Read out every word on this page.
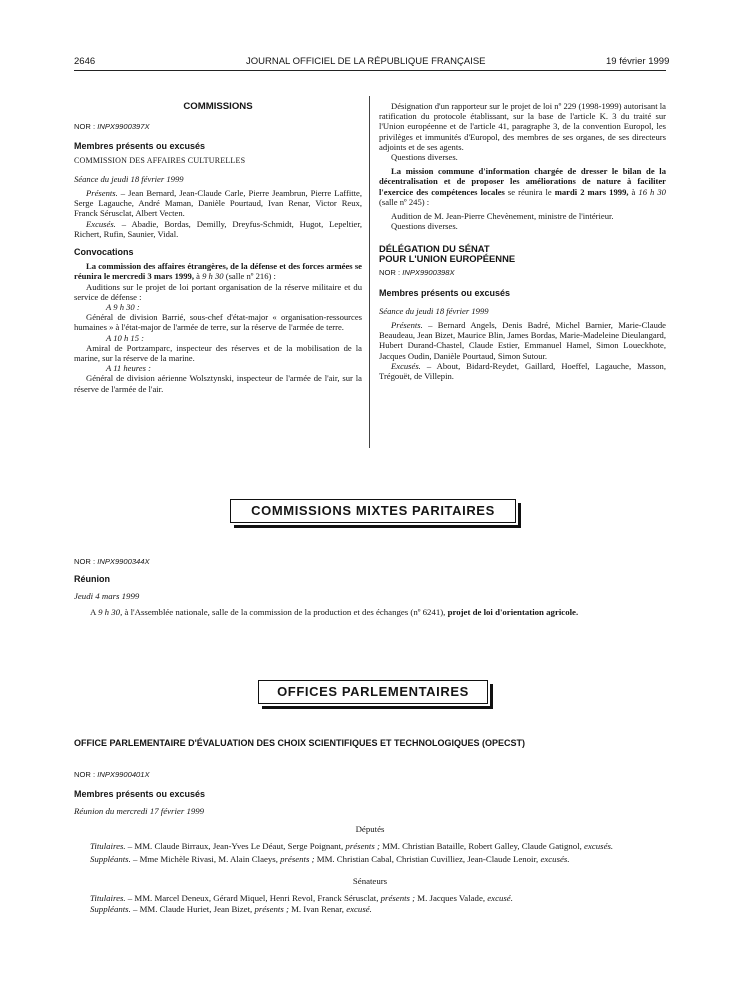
2646	JOURNAL OFFICIEL DE LA RÉPUBLIQUE FRANÇAISE	19 février 1999

COMMISSIONS

NOR : INPX9900397X

Membres présents ou excusés

COMMISSION DES AFFAIRES CULTURELLES

Séance du jeudi 18 février 1999

Présents. – Jean Bernard, Jean-Claude Carle, Pierre Jeambrun, Pierre Laffitte, Serge Lagauche, André Maman, Danièle Pourtaud, Ivan Renar, Victor Reux, Franck Sérusclat, Albert Vecten.

Excusés. – Abadie, Bordas, Demilly, Dreyfus-Schmidt, Hugot, Lepeltier, Richert, Rufin, Saunier, Vidal.

Convocations

La commission des affaires étrangères, de la défense et des forces armées se réunira le mercredi 3 mars 1999, à 9 h 30 (salle nº 216) :

Auditions sur le projet de loi portant organisation de la réserve militaire et du service de défense :

A 9 h 30 :

Général de division Barrié, sous-chef d'état-major « organisation-ressources humaines » à l'état-major de l'armée de terre, sur la réserve de l'armée de terre.

A 10 h 15 :

Amiral de Portzamparc, inspecteur des réserves et de la mobilisation de la marine, sur la réserve de la marine.

A 11 heures :

Général de division aérienne Wolsztynski, inspecteur de l'armée de l'air, sur la réserve de l'armée de l'air.

Désignation d'un rapporteur sur le projet de loi nº 229 (1998-1999) autorisant la ratification du protocole établissant, sur la base de l'article K. 3 du traité sur l'Union européenne et de l'article 41, paragraphe 3, de la convention Europol, les privilèges et immunités d'Europol, des membres de ses organes, de ses directeurs adjoints et de ses agents.

Questions diverses.

La mission commune d'information chargée de dresser le bilan de la décentralisation et de proposer les améliorations de nature à faciliter l'exercice des compétences locales se réunira le mardi 2 mars 1999, à 16 h 30 (salle nº 245) :

Audition de M. Jean-Pierre Chevènement, ministre de l'intérieur.

Questions diverses.

DÉLÉGATION DU SÉNAT

POUR L'UNION EUROPÉENNE

NOR : INPX9900398X

Membres présents ou excusés

Séance du jeudi 18 février 1999

Présents. – Bernard Angels, Denis Badré, Michel Barnier, Marie-Claude Beaudeau, Jean Bizet, Maurice Blin, James Bordas, Marie-Madeleine Dieulangard, Hubert Durand-Chastel, Claude Estier, Emmanuel Hamel, Simon Loueckhote, Jacques Oudin, Danièle Pourtaud, Simon Sutour.

Excusés. – About, Bidard-Reydet, Gaillard, Hoeffel, Lagauche, Masson, Trégouët, de Villepin.

COMMISSIONS MIXTES PARITAIRES

NOR : INPX9900344X

Réunion

Jeudi 4 mars 1999

A 9 h 30, à l'Assemblée nationale, salle de la commission de la production et des échanges (nº 6241), projet de loi d'orientation agricole.

OFFICES PARLEMENTAIRES

OFFICE PARLEMENTAIRE D'ÉVALUATION DES CHOIX SCIENTIFIQUES ET TECHNOLOGIQUES (OPECST)

NOR : INPX9900401X

Membres présents ou excusés

Réunion du mercredi 17 février 1999

Députés

Titulaires. – MM. Claude Birraux, Jean-Yves Le Déaut, Serge Poignant, présents ; MM. Christian Bataille, Robert Galley, Claude Gatignol, excusés.

Suppléants. – Mme Michèle Rivasi, M. Alain Claeys, présents ; MM. Christian Cabal, Christian Cuvilliez, Jean-Claude Lenoir, excusés.

Sénateurs

Titulaires. – MM. Marcel Deneux, Gérard Miquel, Henri Revol, Franck Sérusclat, présents ; M. Jacques Valade, excusé.

Suppléants. – MM. Claude Huriet, Jean Bizet, présents ; M. Ivan Renar, excusé.
